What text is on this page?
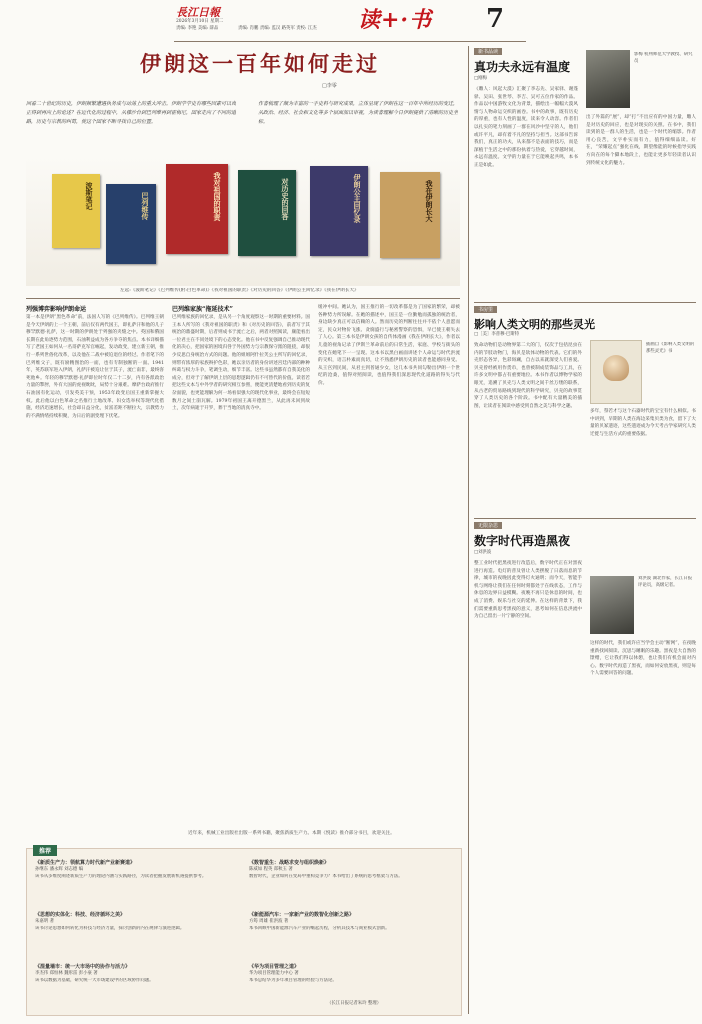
長江日報
2026年3月10日 星期二
责编: 李艳 美编: 薛品	责编: 肖鹏 责编: 监汉 路英军 责校: 江杰 读+·书	7
伊朗这一百年如何走过
□李零
回看二十世纪的历史，伊朗频繁遭遇执务成与动荡上的重大冲击。伊朗学学史有哪些因素可以真正得到再向上的论述？在近代化的过程中，从穆沙台到巴列维再到霍梅尼，国家走向了不同的道路，历史与宗教的纠葛，使这个国家不断寻找自己的位置。
作者梳理了颇为丰富的一手史料与研究成果，立体呈现了伊朗在这一百年中所经历的变迁，从政治、经济、社会和文化等多个层面加以审视，为读者理解今日伊朗提供了清晰的历史坐标。
波斯笔记	巴列维传	我对祖国的职责	对历史的回答	伊朗公主回忆录	我在伊朗长大
左起:《波斯笔记》《巴列维传(附:白色革命)》《我对祖国的职责》《对历史的回答》《伊朗公主回忆录》《我在伊朗长大》
列强博弈影响伊朗命运
第一本是伊朗“黑色革命”前，法国人写的《巴列维传》。巴列维王朝是今天伊朗的上一个王朝，前后仅有两代国王，即礼萨汗和他的儿子穆罕默德·礼萨，这一时期的伊朗处于列强的夹缝之中。英国和俄国长期在此角逐势力范围，石油利益成为各方争夺的焦点。本书详细描写了老国王如何从一名哥萨克军官崛起，发动政变，建立新王朝，推行一系列世俗化改革，以及他在二战中被迫退位的经过。作者笔下的巴列维父子，既有励精图治的一面，也有专制独断的一面。1941年，英苏联军进入伊朗，礼萨汗被迫让位于其子，流亡南非，最终客死他乡。年轻的穆罕默德·礼萨即位时年仅二十二岁，内有各派政治力量的掣肘，外有大国的虎视眈眈，局势十分艰难。摩萨台政府推行石油国有化运动，引发英美干预，1953年政变后国王重新掌握大权。此后他以白色革命之名推行土地改革、妇女选举权等现代化措施，经济迅速增长，社会却日益分化，贫富差距不断拉大，宗教势力的不满情绪持续积聚，为日后的剧变埋下伏笔。
巴列维家族“拖延技术”
巴列维家族的回忆录，是从另一个角度观察这一时期的重要材料。国王本人所写的《我对祖国的职责》和《对历史的回答》，前者写于其统治的鼎盛时期，后者则成书于流亡之后，两者对照阅读，颇能看出一位君主在不同处境下的心态变化。他在书中反复强调自己推动现代化的决心，把国家的困境归咎于外国势力与宗教保守派的阻挠，却很少反思自身统治方式的问题。他的姐姐阿什拉芙公主所写的回忆录，则带有浓厚的家族辩护色彩，她以亲历者的身份讲述宫廷内部的种种纠葛与权力斗争，笔调生动，细节丰富。这些书虽然都有自我美化的成分，但对于了解伊朗上层的思想逻辑仍有不可替代的价值。读者若把这些文本与中外学者的研究相互参照，便能更清楚地看到历史的复杂面貌，也更能理解为何一场看似强大的现代化事业，最终会在短短数月之间土崩瓦解。1979年初国王离开德黑兰，从此再未回到故土，次年病逝于开罗，葬于当地的清真寺中。
缓冲中间。她认为，国王推行的一切改革都是为了国家的繁荣，却被各种势力所误解。在她的描述中，国王是一位勤勉而孤独的统治者，身边缺少真正可以信赖的人。然而历史的判断往往并不依个人意愿而定，民众对物价飞涨、贪腐盛行与秘密警察的恐惧，早已使王朝失去了人心。第三本书是伊朗女孩的自传体漫画《我在伊朗长大》，作者以儿童的视角记录了伊斯兰革命前后的日常生活，家庭、学校与街头的变化在她笔下一一呈现。这本书以黑白画面讲述个人命运与时代洪流的交织，语言朴素而真切，让不熟悉伊朗历史的读者也能感同身受。从王宫到民间，从君主到普通少女，这几本书共同勾勒出伊朗一个世纪的沧桑，值得对照阅读，也值得我们深思现代化道路的得失与代价。
近年来，机械工业出版社出版一系列书籍，聚焦新质生产力。本期《悦读》推介部分书目，欢迎关注。
推荐
《新质生产力：领航算力时代新产业新赛道》
孙继东 潘永辉 刘志德 编
该书从多维度阐述新质生产力的理论内涵与实践路径，为读者把握发展新机遇提供参考。
《思想的实体化：科技、经济循环之美》
朱嘉明 著
该书讨论思想如何转化为科技与经济力量，探讨创新的内在规律与演进逻辑。
《混量墙市：统一大市场中的协作与活力》
李杰伟 郑恒林 魏彤雷 彭小豪 著
该书以数据为基础，研究统一大市场建设中的区域协作问题。
《数智重生：战略求变与组织焕新》
陈威如 程英 郑秋玉 著
数智时代，企业如何在变局中重构竞争力？本书给出了系统的思考框架与方法。
《新能源汽车：一家新产业的数智化创新之路》
方筠 周雄 崔洪波 著
本书回顾中国新能源汽车产业的崛起历程，分析其技术与商业模式创新。
《华为项目管理之道》
华为项目管理能力中心 著
本书总结华为多年项目管理的经验与方法论。
（长江日报记者朱玲 整理）
新书品读
真功夫永远有温度
□刚梅
《雕人：风起大漠》汇聚了李志先、吴家驿、谢蓬驿、吴田、张世琴、李吉、吴可五位作家的作品。作品以中国游牧文化为背景，描绘出一幅幅大漠风情与人物命运交织的画卷。书中的故事，既有历史的厚重，也有人性的温度，读来令人动容。作者们以扎实的笔力刻画了一群在风沙中坚守的人，他们或许平凡，却有着不凡的坚持与担当。这部书告诉我们，真正的功夫，从来都不是表面的技巧，而是深植于生活之中的那份执着与热爱，它穿越时间，永远有温度。文学的力量在于它能唤起共鸣，本书正是如此。
郭梅 杭州师范大学教授、研究员
出了外篇的“展”，却“打”不出应有的中国力量，雕人是对历史的回应，也是对现实的关照。在书中，我们读到的是一群人的生活，也是一个时代的缩影。作者用心良苦，文字朴实而有力，值得细细品读。好在，“荣耀起点”强化在线，期望像能的时候指导实践方向在的每个脚本地段上，也能让更多年轻读者认识到传统文化的魅力。
书房里
影响人类文明的那些灵光
□［美］李普穆·巴斯特
致命动物们是动物界第二大的门，仅次于包括昆虫在内的节肢动物门，海贝是软体动物的代表。它们的外壳形态各异，色彩斑斓，自古以来就深受人们喜爱。贝壳曾经被用作货币，也曾被制成装饰品与工具，在许多文明中都占有重要地位。本书作者以博物学家的眼光，追溯了贝壳与人类文明之间千丝万缕的联系，从古老的贸易路线到现代的科学研究，贝壳的故事贯穿了人类历史的各个阶段。书中配有大量精美的插图，让读者在阅读中感受到自然之美与科学之趣。
插画自《影响人类文明的那些灵光》书
多年，祭若才与这个石器时代的宝宝有什么相似。书中讲到，早期的人类在海边采集贝类为食，留下了大量的贝冢遗迹，这些遗迹成为今天考古学家研究人类迁徙与生活方式的重要依据。
无限杂思
数字时代再造黑夜
□刘洪波
整工业时代把黑夜进行改造后，数字时代正在对黑夜进行再造。电灯的普及曾让人类摆脱了日落而息的节律，城市的夜晚因此变得灯火通明；而今天，智能手机与网络让我们在任何时刻都处于在线状态，工作与休息的边界日益模糊。夜晚不再只是休息的时间，也成了消费、娱乐与社交的延伸。在这样的背景下，我们需要重新思考黑夜的意义，思考如何在信息洪流中为自己留出一片宁静的空间。
刘洪波 湖北作家，长江日报评论员，高级记者。
这样的时代，我们或许应当学会主动“断网”，在夜晚重新找回阅读、沉思与睡眠的乐趣。黑夜是大自然的馈赠，它让我们得以休憩，也让我们有机会面对内心。数字时代再造了黑夜，而如何安放黑夜，则是每个人需要回答的问题。
